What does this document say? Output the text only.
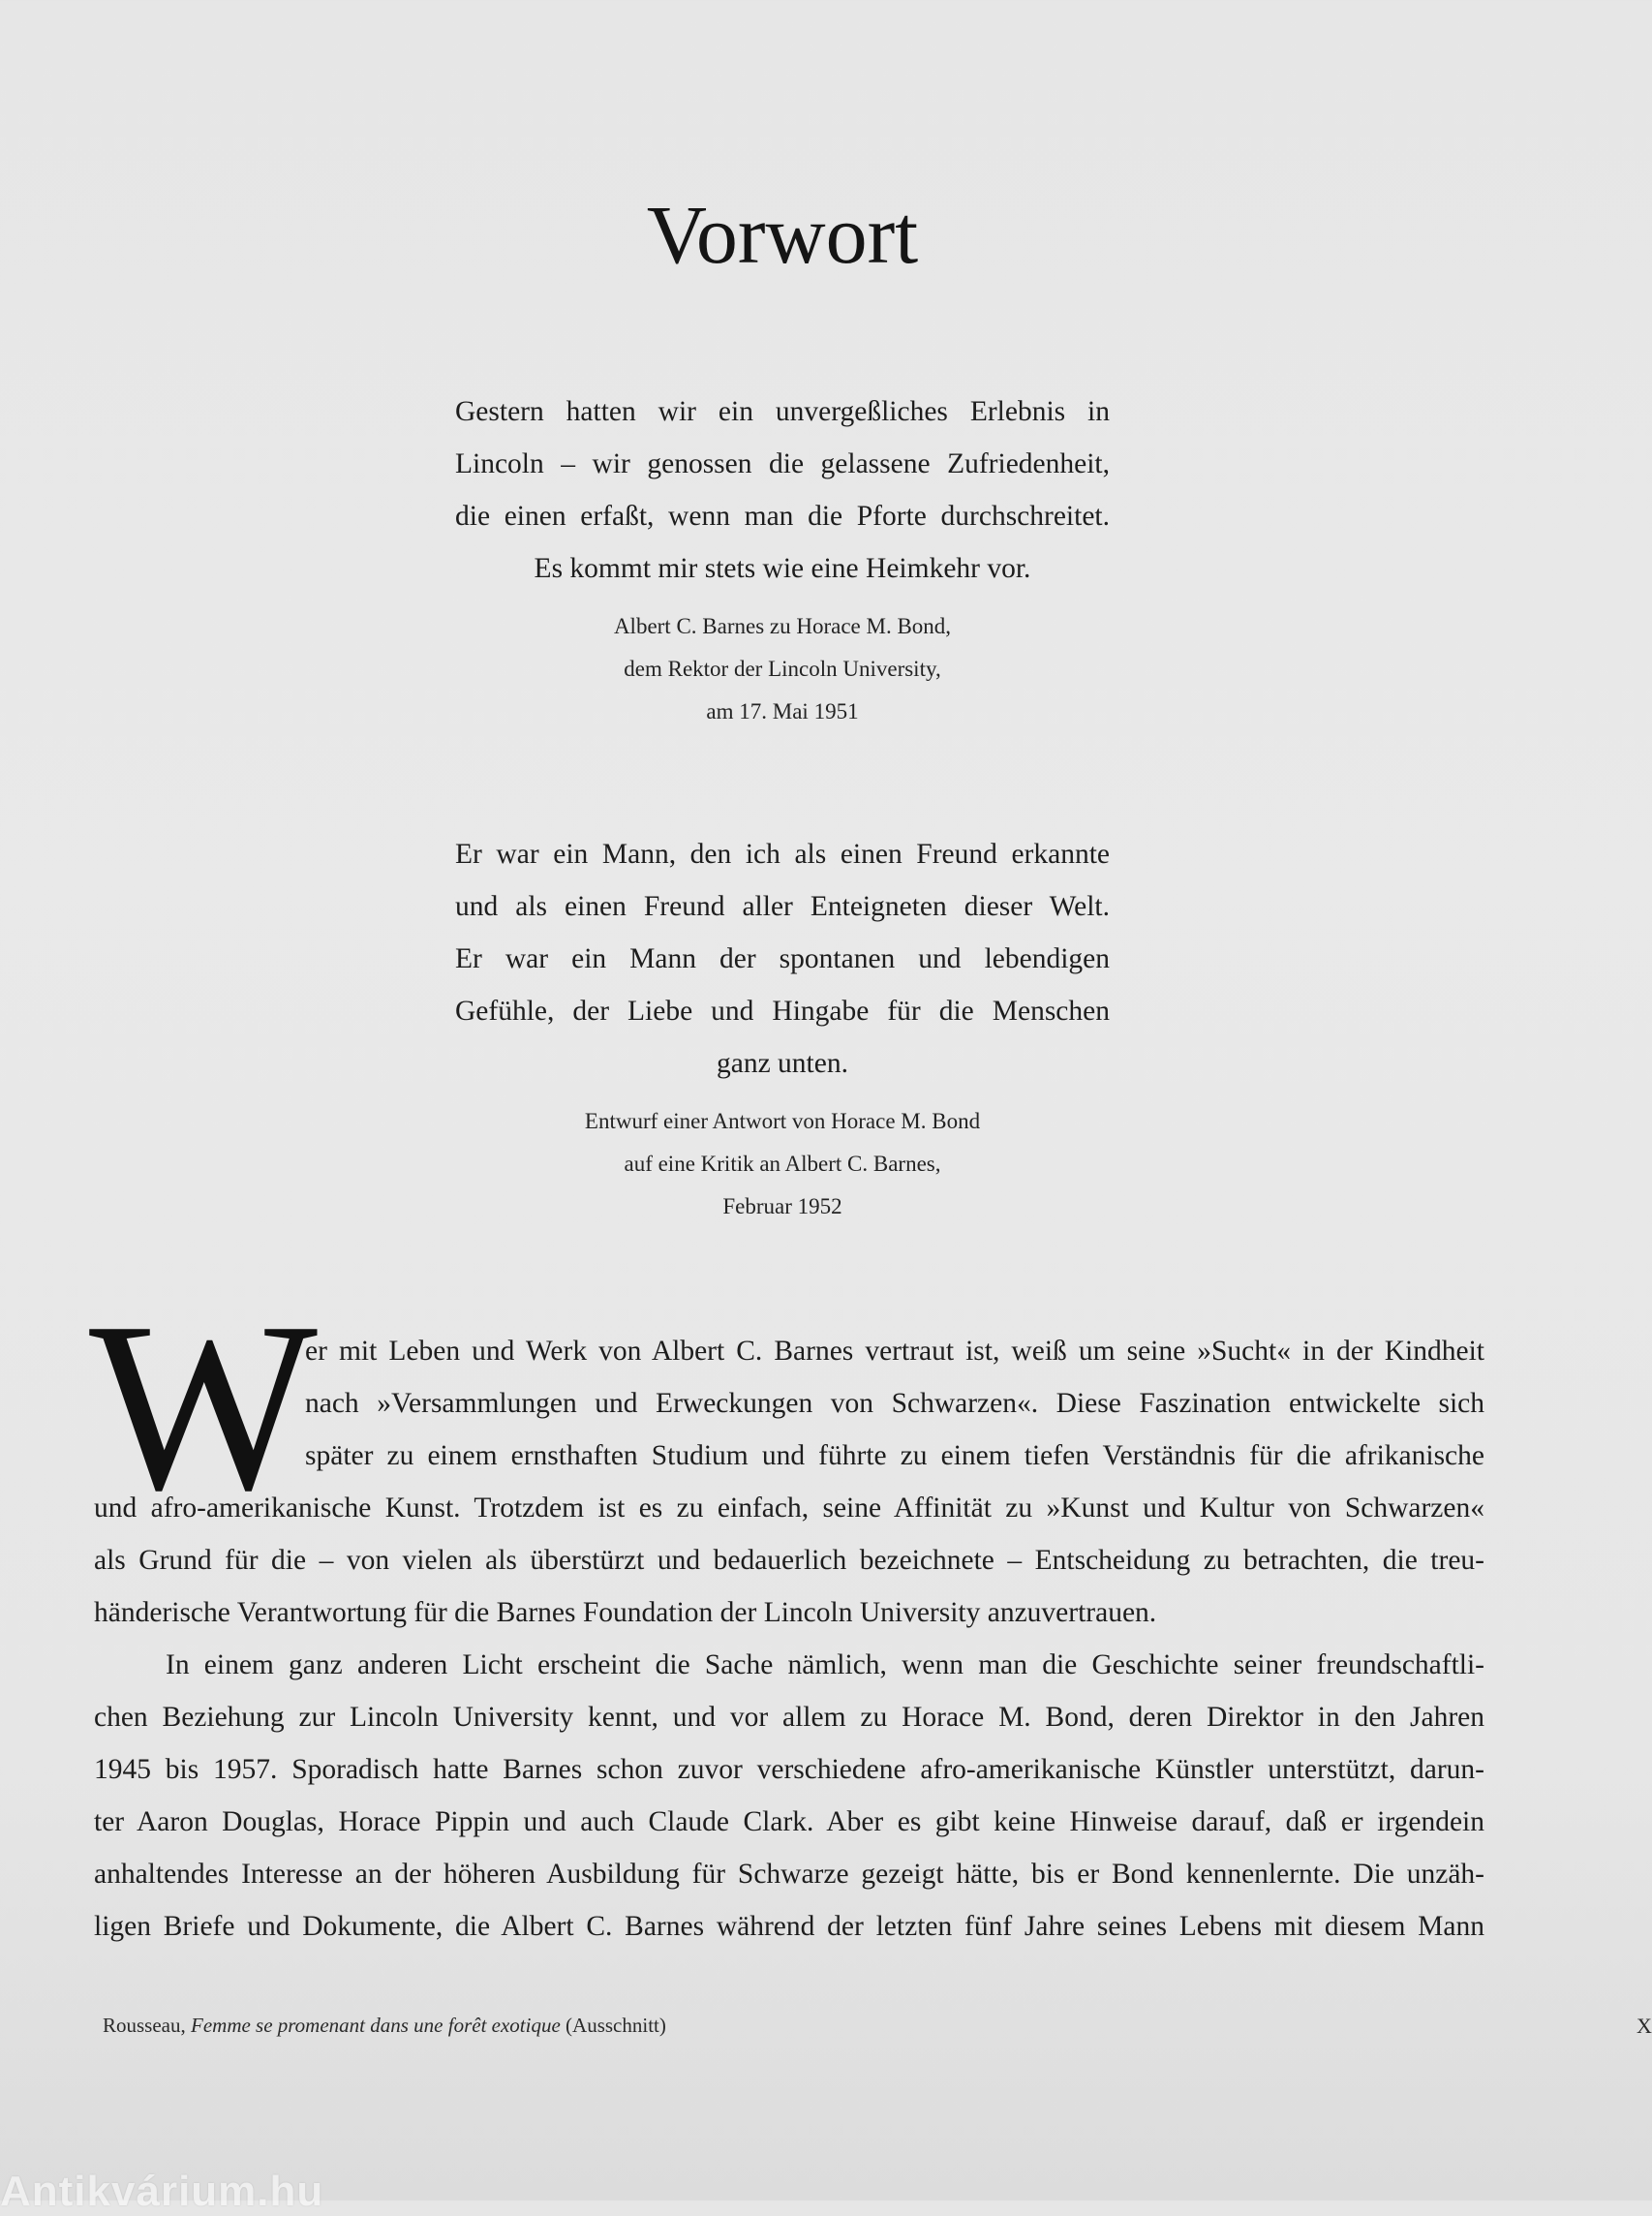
Vorwort
Gestern hatten wir ein unvergeßliches Erlebnis in
Lincoln – wir genossen die gelassene Zufriedenheit,
die einen erfaßt, wenn man die Pforte durchschreitet.
Es kommt mir stets wie eine Heimkehr vor.
Albert C. Barnes zu Horace M. Bond,
dem Rektor der Lincoln University,
am 17. Mai 1951
Er war ein Mann, den ich als einen Freund erkannte
und als einen Freund aller Enteigneten dieser Welt.
Er war ein Mann der spontanen und lebendigen
Gefühle, der Liebe und Hingabe für die Menschen
ganz unten.
Entwurf einer Antwort von Horace M. Bond
auf eine Kritik an Albert C. Barnes,
Februar 1952
W
er mit Leben und Werk von Albert C. Barnes vertraut ist, weiß um seine »Sucht« in der Kindheit
nach »Versammlungen und Erweckungen von Schwarzen«. Diese Faszination entwickelte sich
später zu einem ernsthaften Studium und führte zu einem tiefen Verständnis für die afrikanische
und afro-amerikanische Kunst. Trotzdem ist es zu einfach, seine Affinität zu »Kunst und Kultur von Schwarzen«
als Grund für die – von vielen als überstürzt und bedauerlich bezeichnete – Entscheidung zu betrachten, die treu-
händerische Verantwortung für die Barnes Foundation der Lincoln University anzuvertrauen.
In einem ganz anderen Licht erscheint die Sache nämlich, wenn man die Geschichte seiner freundschaftli-
chen Beziehung zur Lincoln University kennt, und vor allem zu Horace M. Bond, deren Direktor in den Jahren
1945 bis 1957. Sporadisch hatte Barnes schon zuvor verschiedene afro-amerikanische Künstler unterstützt, darun-
ter Aaron Douglas, Horace Pippin und auch Claude Clark. Aber es gibt keine Hinweise darauf, daß er irgendein
anhaltendes Interesse an der höheren Ausbildung für Schwarze gezeigt hätte, bis er Bond kennenlernte. Die unzäh-
ligen Briefe und Dokumente, die Albert C. Barnes während der letzten fünf Jahre seines Lebens mit diesem Mann
Rousseau, Femme se promenant dans une forêt exotique (Ausschnitt)	X
Antikvárium.hu
